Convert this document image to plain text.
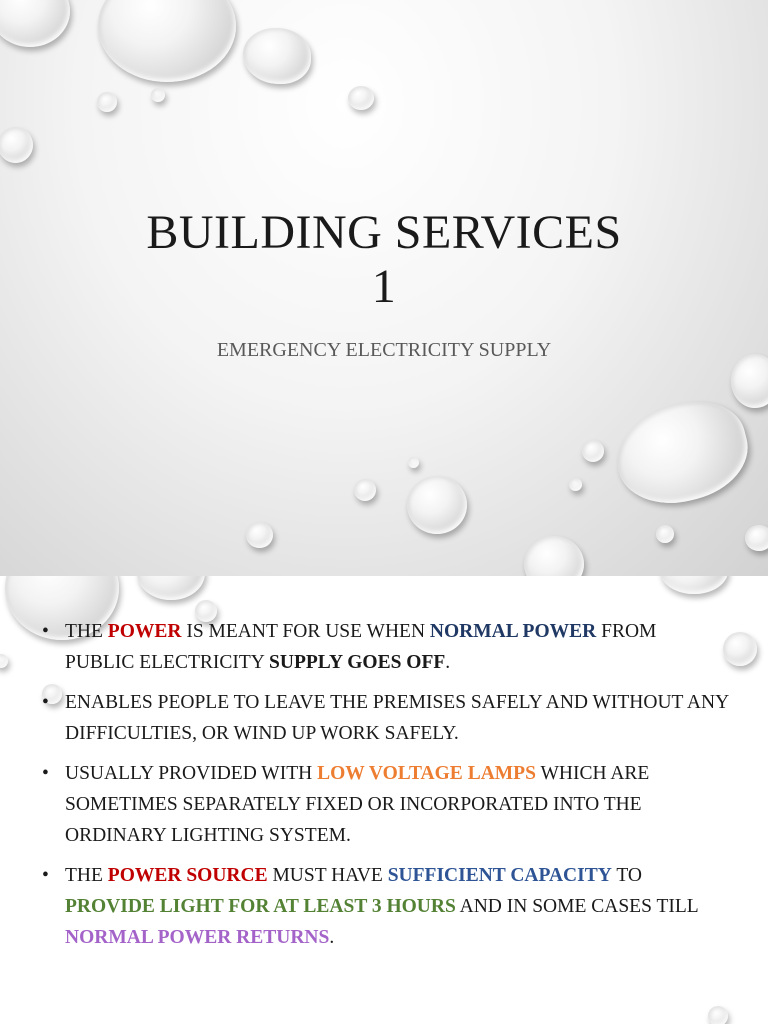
BUILDING SERVICES
1

EMERGENCY ELECTRICITY SUPPLY

• THE POWER IS MEANT FOR USE WHEN NORMAL POWER FROM PUBLIC ELECTRICITY SUPPLY GOES OFF.
• ENABLES PEOPLE TO LEAVE THE PREMISES SAFELY AND WITHOUT ANY DIFFICULTIES, OR WIND UP WORK SAFELY.
• USUALLY PROVIDED WITH LOW VOLTAGE LAMPS WHICH ARE SOMETIMES SEPARATELY FIXED OR INCORPORATED INTO THE ORDINARY LIGHTING SYSTEM.
• THE POWER SOURCE MUST HAVE SUFFICIENT CAPACITY TO PROVIDE LIGHT FOR AT LEAST 3 HOURS AND IN SOME CASES TILL NORMAL POWER RETURNS.
